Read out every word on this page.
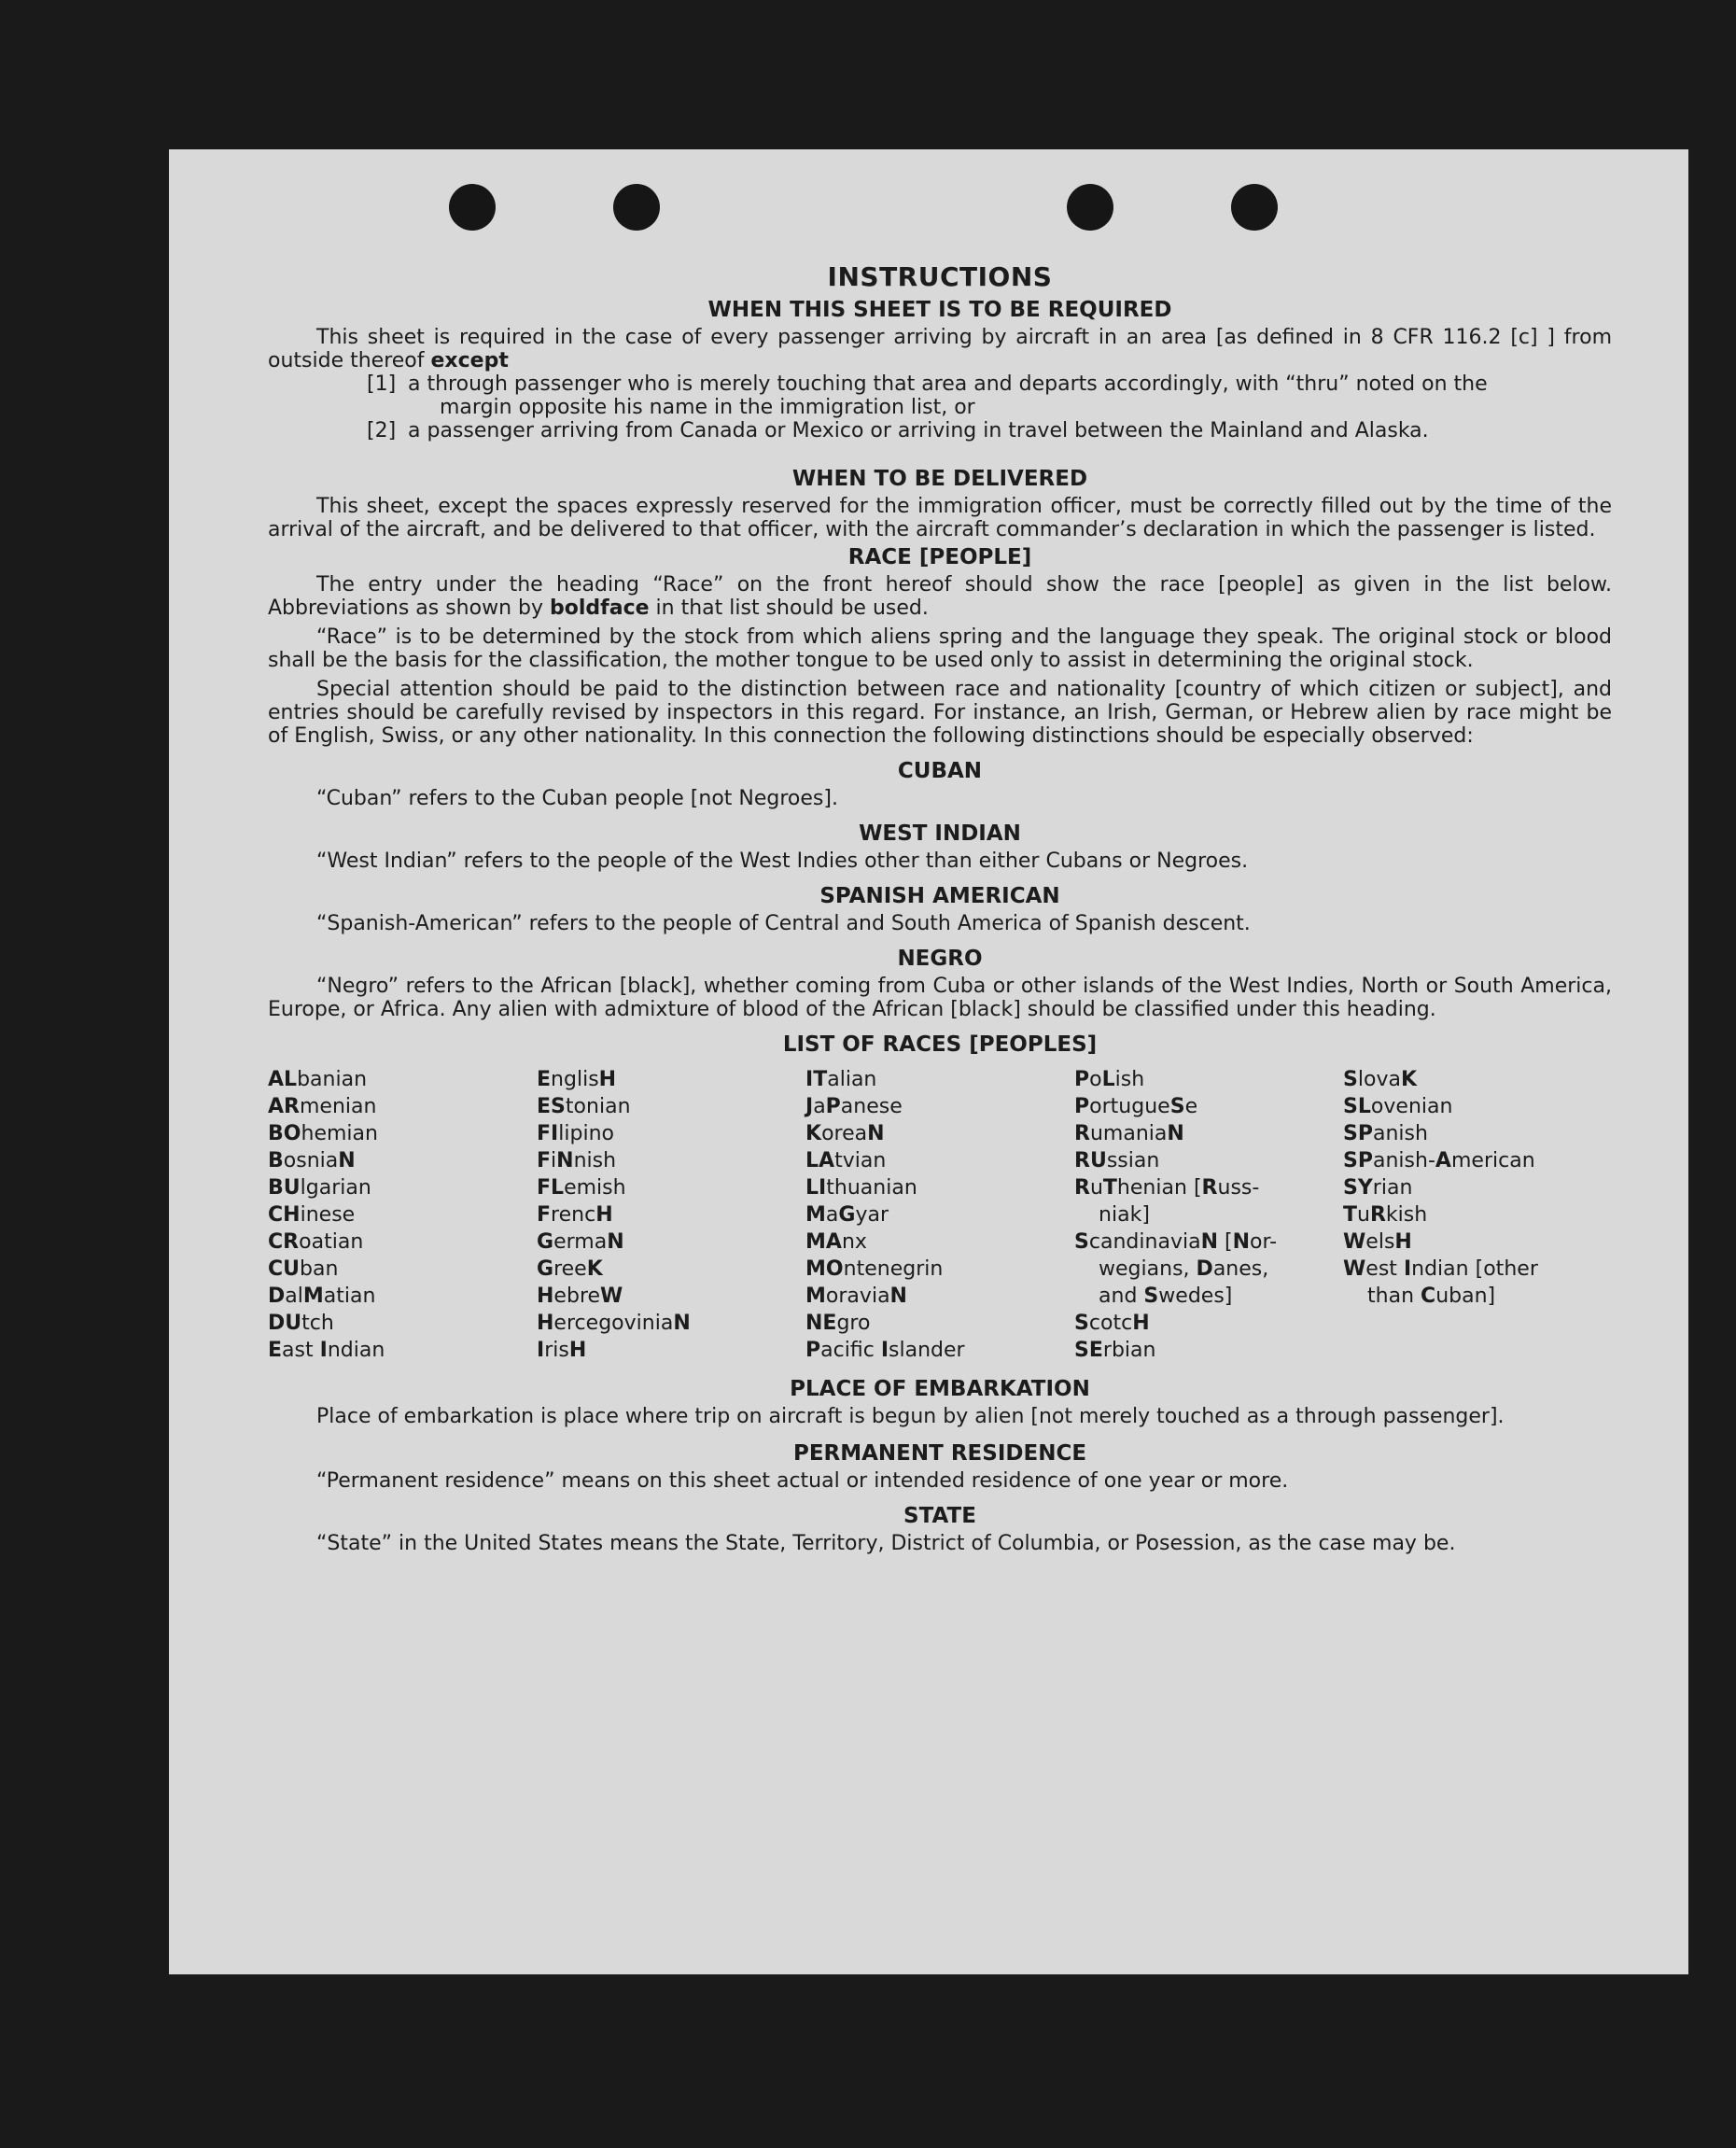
INSTRUCTIONS
WHEN THIS SHEET IS TO BE REQUIRED

This sheet is required in the case of every passenger arriving by aircraft in an area [as defined in 8 CFR 116.2 [c] ] from outside thereof except

[1] a through passenger who is merely touching that area and departs accordingly, with “thru” noted on the
margin opposite his name in the immigration list, or
[2] a passenger arriving from Canada or Mexico or arriving in travel between the Mainland and Alaska.
WHEN TO BE DELIVERED

This sheet, except the spaces expressly reserved for the immigration officer, must be correctly filled out by the time of the arrival of the aircraft, and be delivered to that officer, with the aircraft commander’s declaration in which the passenger is listed.

RACE [PEOPLE]

The entry under the heading “Race” on the front hereof should show the race [people] as given in the list below. Abbreviations as shown by boldface in that list should be used.

“Race” is to be determined by the stock from which aliens spring and the language they speak. The original stock or blood shall be the basis for the classification, the mother tongue to be used only to assist in determining the original stock.

Special attention should be paid to the distinction between race and nationality [country of which citizen or subject], and entries should be carefully revised by inspectors in this regard. For instance, an Irish, German, or Hebrew alien by race might be of English, Swiss, or any other nationality. In this connection the following distinctions should be especially observed:

CUBAN

“Cuban” refers to the Cuban people [not Negroes].

WEST INDIAN

“West Indian” refers to the people of the West Indies other than either Cubans or Negroes.

SPANISH AMERICAN

“Spanish-American” refers to the people of Central and South America of Spanish descent.

NEGRO

“Negro” refers to the African [black], whether coming from Cuba or other islands of the West Indies, North or South America, Europe, or Africa. Any alien with admixture of blood of the African [black] should be classified under this heading.

LIST OF RACES [PEOPLES]
ALbanian
ARmenian
BOhemian
BosniaN
BUlgarian
CHinese
CRoatian
CUban
DalMatian
DUtch
East Indian
EnglisH
EStonian
FIlipino
FiNnish
FLemish
FrencH
GermaN
GreeK
HebreW
HercegoviniaN
IrisH
ITalian
JaPanese
KoreaN
LAtvian
LIthuanian
MaGyar
MAnx
MOntenegrin
MoraviaN
NEgro
Pacifc Islander
PoLish
PortugueSe
RumaniaN
RUssian
RuThenian [Russ-
niak]
ScandinaviaN [Nor-
wegians, Danes,
and Swedes]
ScotcH
SErbian
SlovaK
SLovenian
SPanish
SPanish-American
SYrian
TuRkish
WelsH
West Indian [other
than Cuban]
PLACE OF EMBARKATION

Place of embarkation is place where trip on aircraft is begun by alien [not merely touched as a through passenger].

PERMANENT RESIDENCE

“Permanent residence” means on this sheet actual or intended residence of one year or more.

STATE

“State” in the United States means the State, Territory, District of Columbia, or Posession, as the case may be.
